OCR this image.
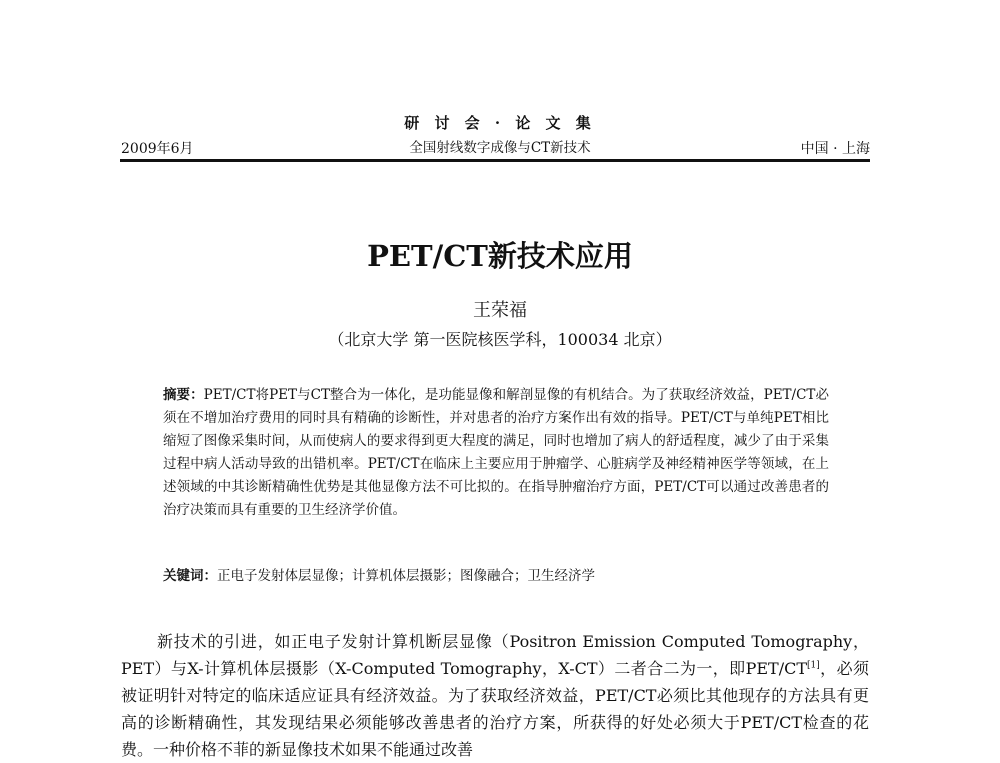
研 讨 会 · 论 文 集
全国射线数字成像与CT新技术
2009年6月	中国 · 上海
PET/CT新技术应用
王荣福
（北京大学 第一医院核医学科，100034 北京）
摘要：PET/CT将PET与CT整合为一体化，是功能显像和解剖显像的有机结合。为了获取经济效益，PET/CT必须在不增加治疗费用的同时具有精确的诊断性，并对患者的治疗方案作出有效的指导。PET/CT与单纯PET相比缩短了图像采集时间，从而使病人的要求得到更大程度的满足，同时也增加了病人的舒适程度，减少了由于采集过程中病人活动导致的出错机率。PET/CT在临床上主要应用于肿瘤学、心脏病学及神经精神医学等领域，在上述领域的中其诊断精确性优势是其他显像方法不可比拟的。在指导肿瘤治疗方面，PET/CT可以通过改善患者的治疗决策而具有重要的卫生经济学价值。
关键词：正电子发射体层显像；计算机体层摄影；图像融合；卫生经济学

新技术的引进，如正电子发射计算机断层显像（Positron Emission Computed Tomography，PET）与X-计算机体层摄影（X-Computed Tomography，X-CT）二者合二为一，即PET/CT[1]，必须被证明针对特定的临床适应证具有经济效益。为了获取经济效益，PET/CT必须比其他现存的方法具有更高的诊断精确性，其发现结果必须能够改善患者的治疗方案，所获得的好处必须大于PET/CT检查的花费。一种价格不菲的新显像技术如果不能通过改善
